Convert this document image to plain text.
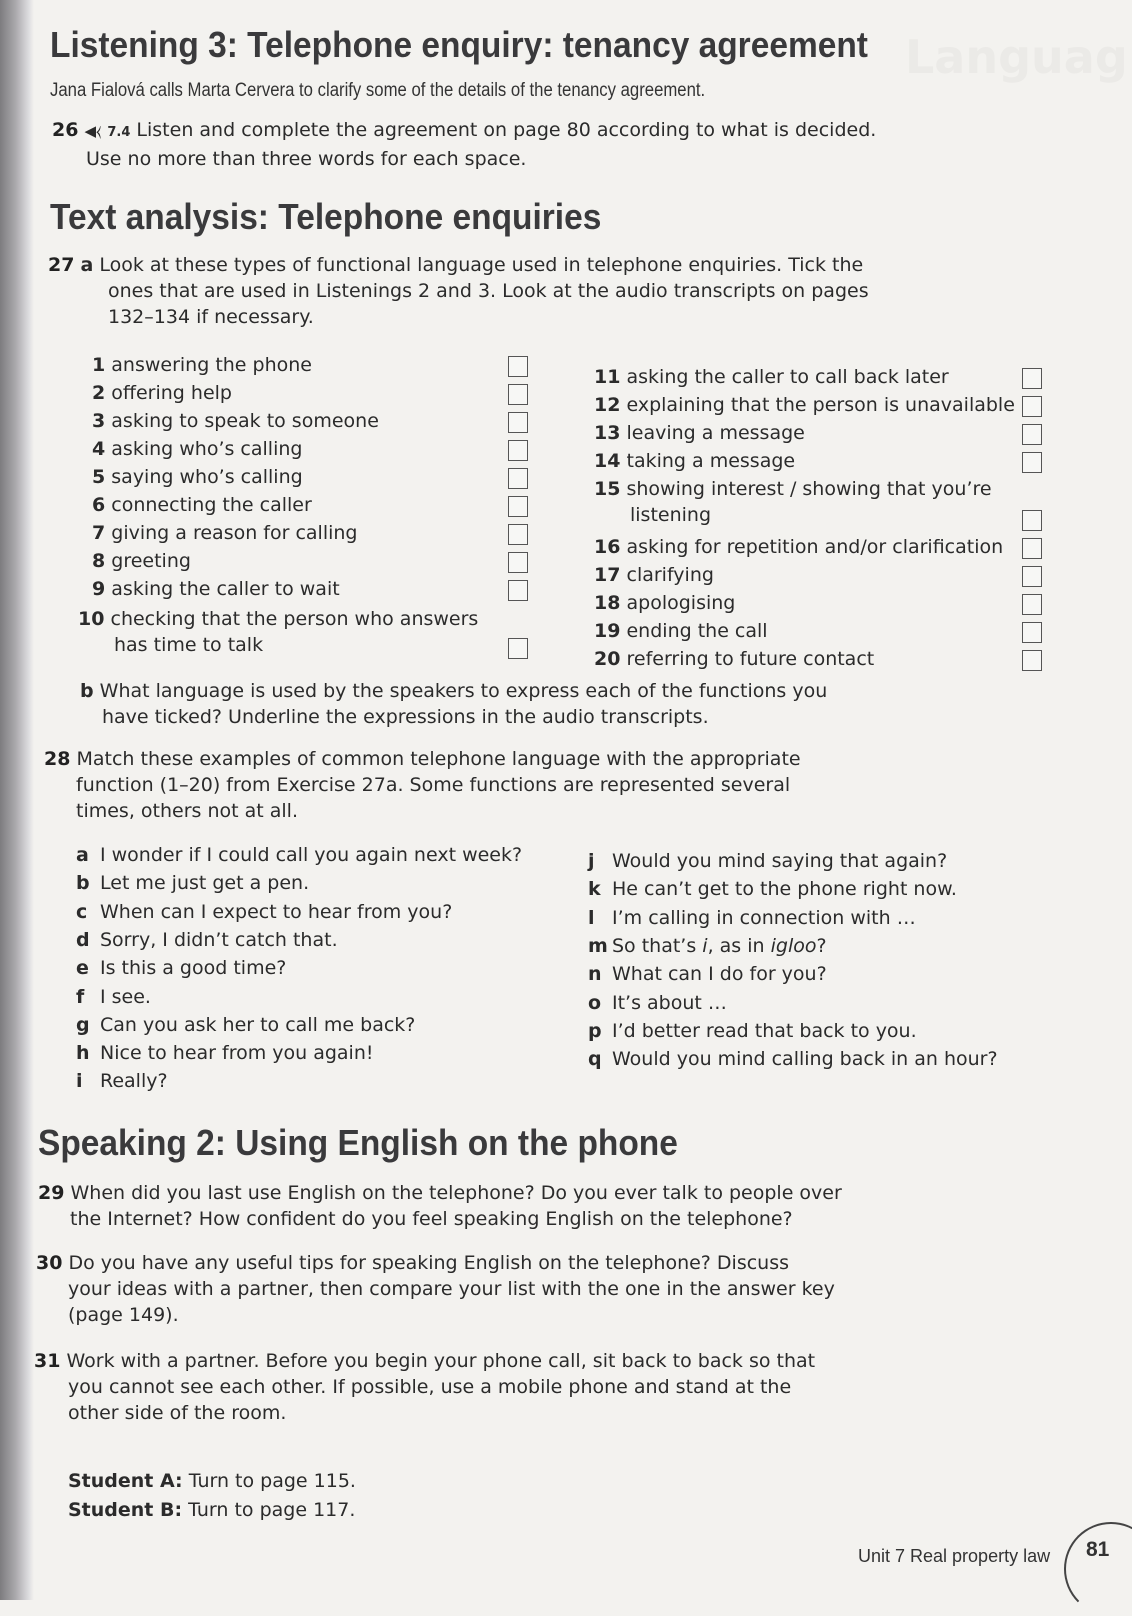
Languag
Listening 3: Telephone enquiry: tenancy agreement
Jana Fialová calls Marta Cervera to clarify some of the details of the tenancy agreement.
26 ◀︎⧼ 7.4 Listen and complete the agreement on page 80 according to what is decided.
Use no more than three words for each space.
Text analysis: Telephone enquiries
27 a Look at these types of functional language used in telephone enquiries. Tick the
ones that are used in Listenings 2 and 3. Look at the audio transcripts on pages
132–134 if necessary.
1 answering the phone
2 offering help
3 asking to speak to someone
4 asking who’s calling
5 saying who’s calling
6 connecting the caller
7 giving a reason for calling
8 greeting
9 asking the caller to wait
10 checking that the person who answers
has time to talk
11 asking the caller to call back later
12 explaining that the person is unavailable
13 leaving a message
14 taking a message
15 showing interest / showing that you’re
listening
16 asking for repetition and/or clarification
17 clarifying
18 apologising
19 ending the call
20 referring to future contact
b What language is used by the speakers to express each of the functions you
have ticked? Underline the expressions in the audio transcripts.
28 Match these examples of common telephone language with the appropriate
function (1–20) from Exercise 27a. Some functions are represented several
times, others not at all.
a I wonder if I could call you again next week?
b Let me just get a pen.
c When can I expect to hear from you?
d Sorry, I didn’t catch that.
e Is this a good time?
f I see.
g Can you ask her to call me back?
h Nice to hear from you again!
i Really?
j Would you mind saying that again?
k He can’t get to the phone right now.
l I’m calling in connection with …
m So that’s i, as in igloo?
n What can I do for you?
o It’s about …
p I’d better read that back to you.
q Would you mind calling back in an hour?
Speaking 2: Using English on the phone
29 When did you last use English on the telephone? Do you ever talk to people over
the Internet? How confident do you feel speaking English on the telephone?
30 Do you have any useful tips for speaking English on the telephone? Discuss
your ideas with a partner, then compare your list with the one in the answer key
(page 149).
31 Work with a partner. Before you begin your phone call, sit back to back so that
you cannot see each other. If possible, use a mobile phone and stand at the
other side of the room.
Student A: Turn to page 115.
Student B: Turn to page 117.
Unit 7 Real property law 81
